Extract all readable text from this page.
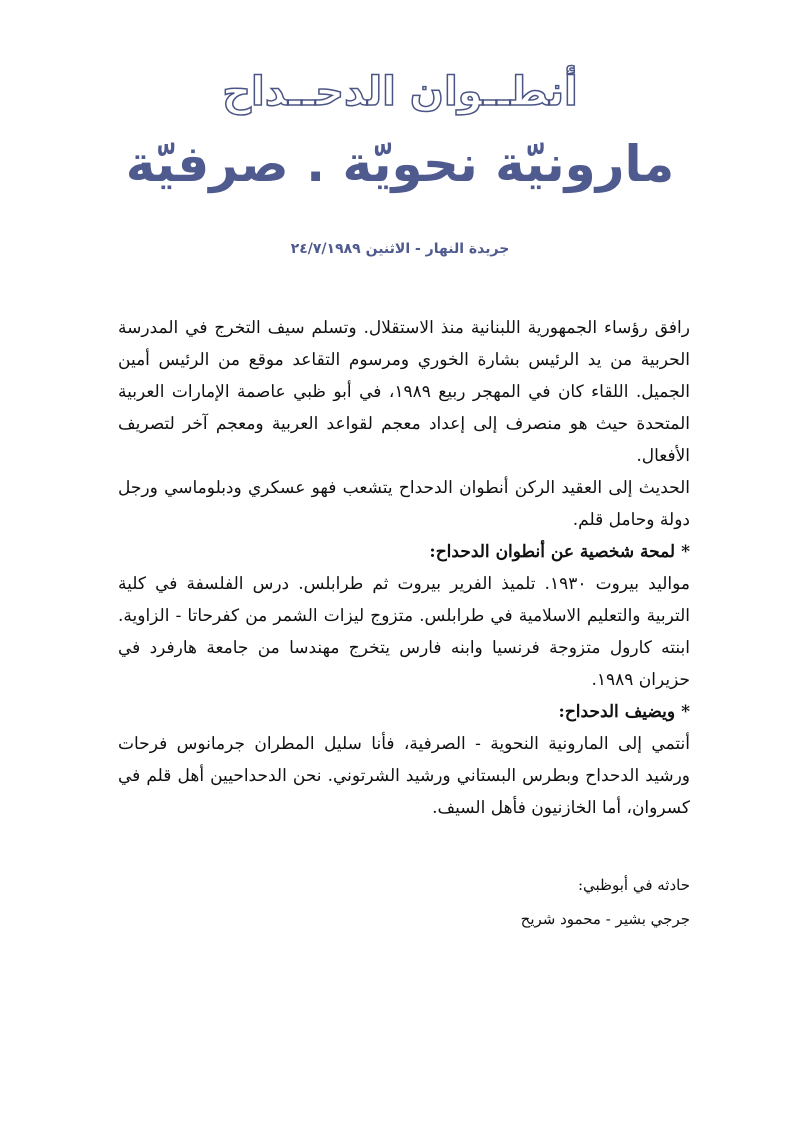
أنطــوان الدحــداح
مارونيّة نحويّة . صرفيّة
جريدة النهار - الاثنين ٢٤/٧/١٩٨٩

رافق رؤساء الجمهورية اللبنانية منذ الاستقلال. وتسلم سيف التخرج في المدرسة الحربية من يد الرئيس بشارة الخوري ومرسوم التقاعد موقع من الرئيس أمين الجميل. اللقاء كان في المهجر ربيع ١٩٨٩، في أبو ظبي عاصمة الإمارات العربية المتحدة حيث هو منصرف إلى إعداد معجم لقواعد العربية ومعجم آخر لتصريف الأفعال.

الحديث إلى العقيد الركن أنطوان الدحداح يتشعب فهو عسكري ودبلوماسي ورجل دولة وحامل قلم.

*لمحة شخصية عن أنطوان الدحداح:

مواليد بيروت ١٩٣٠. تلميذ الفرير بيروت ثم طرابلس. درس الفلسفة في كلية التربية والتعليم الاسلامية في طرابلس. متزوج ليزات الشمر من كفرحاتا - الزاوية. ابنته كارول متزوجة فرنسيا وابنه فارس يتخرج مهندسا من جامعة هارفرد في حزيران ١٩٨٩.

*ويضيف الدحداح:

أنتمي إلى المارونية النحوية - الصرفية، فأنا سليل المطران جرمانوس فرحات ورشيد الدحداح وبطرس البستاني ورشيد الشرتوني. نحن الدحداحيين أهل قلم في كسروان، أما الخازنيون فأهل السيف.

حادثه في أبوظبي:

جرجي بشير - محمود شريح
